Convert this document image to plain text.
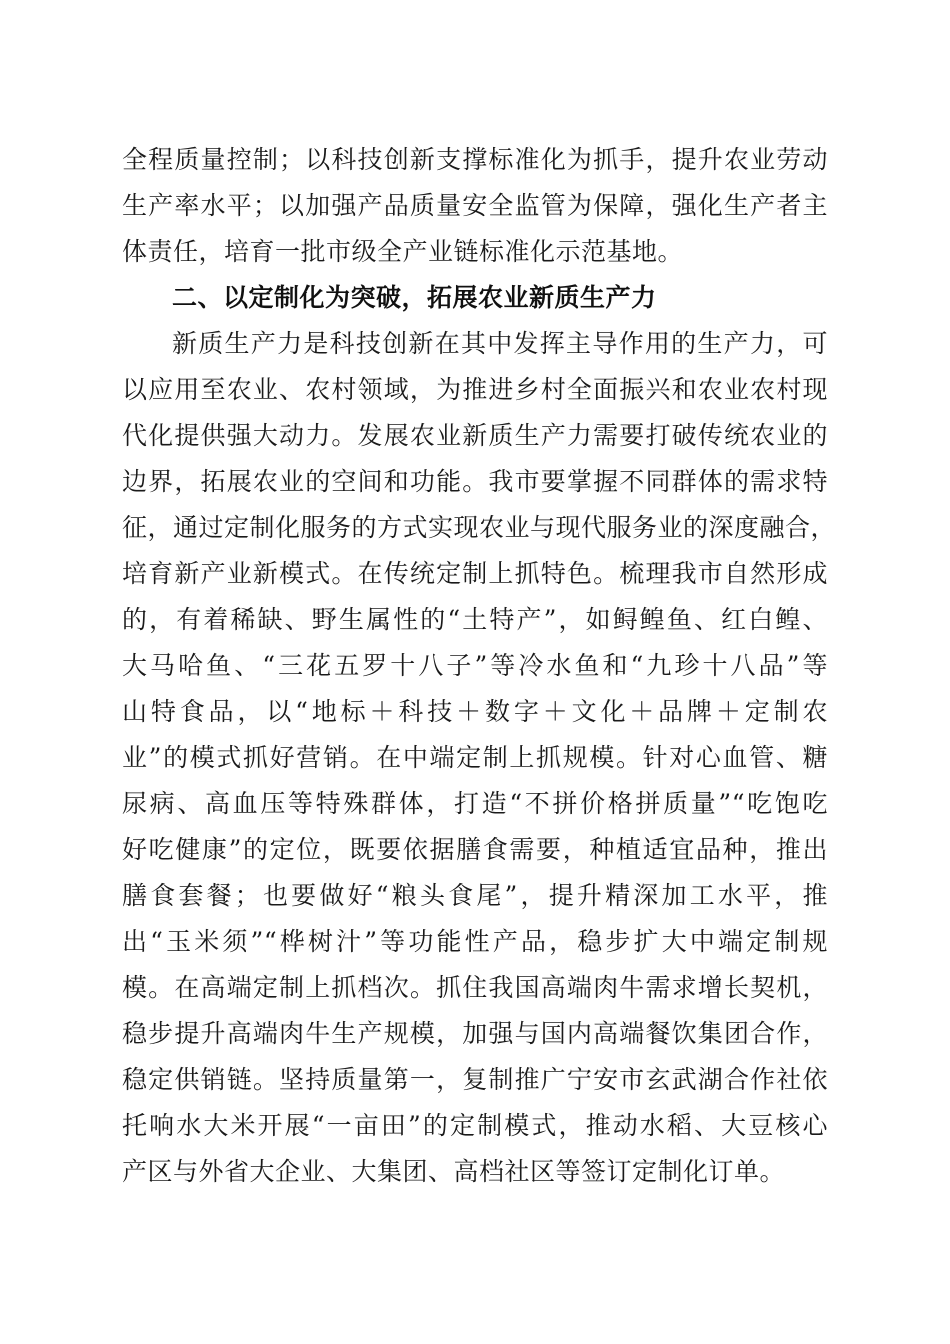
全程质量控制；以科技创新支撑标准化为抓手，提升农业劳动

生产率水平；以加强产品质量安全监管为保障，强化生产者主

体责任，培育一批市级全产业链标准化示范基地。

二、以定制化为突破，拓展农业新质生产力

新质生产力是科技创新在其中发挥主导作用的生产力，可

以应用至农业、农村领域，为推进乡村全面振兴和农业农村现

代化提供强大动力。发展农业新质生产力需要打破传统农业的

边界，拓展农业的空间和功能。我市要掌握不同群体的需求特

征，通过定制化服务的方式实现农业与现代服务业的深度融合，

培育新产业新模式。在传统定制上抓特色。梳理我市自然形成

的，有着稀缺、野生属性的“土特产”，如鲟鳇鱼、红白鳇、

大马哈鱼、“三花五罗十八子”等冷水鱼和“九珍十八品”等

山特食品，以“地标＋科技＋数字＋文化＋品牌＋定制农

业”的模式抓好营销。在中端定制上抓规模。针对心血管、糖

尿病、高血压等特殊群体，打造“不拼价格拼质量”“吃饱吃

好吃健康”的定位，既要依据膳食需要，种植适宜品种，推出

膳食套餐；也要做好“粮头食尾”，提升精深加工水平，推

出“玉米须”“桦树汁”等功能性产品，稳步扩大中端定制规

模。在高端定制上抓档次。抓住我国高端肉牛需求增长契机，

稳步提升高端肉牛生产规模，加强与国内高端餐饮集团合作，

稳定供销链。坚持质量第一，复制推广宁安市玄武湖合作社依

托响水大米开展“一亩田”的定制模式，推动水稻、大豆核心

产区与外省大企业、大集团、高档社区等签订定制化订单。
